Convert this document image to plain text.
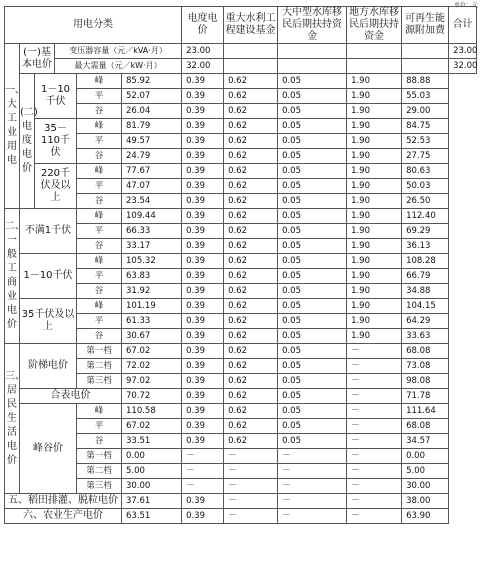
单位：元
用电分类						电度电价	重大水利工程建设基金	大中型水库移民后期扶持资金	地方水库移民后期扶持资金	可再生能源附加费	合计
一、大工业用电	(一)基本电价		变压器容量（元／kVA·月）			23.00					23.00
			最大需量（元／kW·月）			32.00					32.00
	(二)电度电价	1－10千伏		峰	85.92	0.39	0.62	0.05	1.90	88.88	
				平	52.07	0.39	0.62	0.05	1.90	55.03	
				谷	26.04	0.39	0.62	0.05	1.90	29.00	
		35－110千伏		峰	81.79	0.39	0.62	0.05	1.90	84.75	
				平	49.57	0.39	0.62	0.05	1.90	52.53	
				谷	24.79	0.39	0.62	0.05	1.90	27.75	
		220千伏及以上		峰	77.67	0.39	0.62	0.05	1.90	80.63	
				平	47.07	0.39	0.62	0.05	1.90	50.03	
				谷	23.54	0.39	0.62	0.05	1.90	26.50	
二、一般工商业电价	不满1千伏			峰	109.44	0.39	0.62	0.05	1.90	112.40	
				平	66.33	0.39	0.62	0.05	1.90	69.29	
				谷	33.17	0.39	0.62	0.05	1.90	36.13	
	1－10千伏			峰	105.32	0.39	0.62	0.05	1.90	108.28	
				平	63.83	0.39	0.62	0.05	1.90	66.79	
				谷	31.92	0.39	0.62	0.05	1.90	34.88	
	35千伏及以上			峰	101.19	0.39	0.62	0.05	1.90	104.15	
				平	61.33	0.39	0.62	0.05	1.90	64.29	
				谷	30.67	0.39	0.62	0.05	1.90	33.63	
三、居民生活电价	阶梯电价			第一档	67.02	0.39	0.62	0.05	－	68.08	
				第二档	72.02	0.39	0.62	0.05	－	73.08	
				第三档	97.02	0.39	0.62	0.05	－	98.08	
	合表电价				70.72	0.39	0.62	0.05	－	71.78	
	峰谷价			峰	110.58	0.39	0.62	0.05	－	111.64	
				平	67.02	0.39	0.62	0.05	－	68.08	
				谷	33.51	0.39	0.62	0.05	－	34.57	
				第一档	0.00	－	－	－	－	0.00	
				第二档	5.00	－	－	－	－	5.00	
				第三档	30.00	－	－	－	－	30.00	
五、稻田排灌、脱粒电价					37.61	0.39	－	－	－	38.00	
六、农业生产电价					63.51	0.39	－	－	－	63.90	
